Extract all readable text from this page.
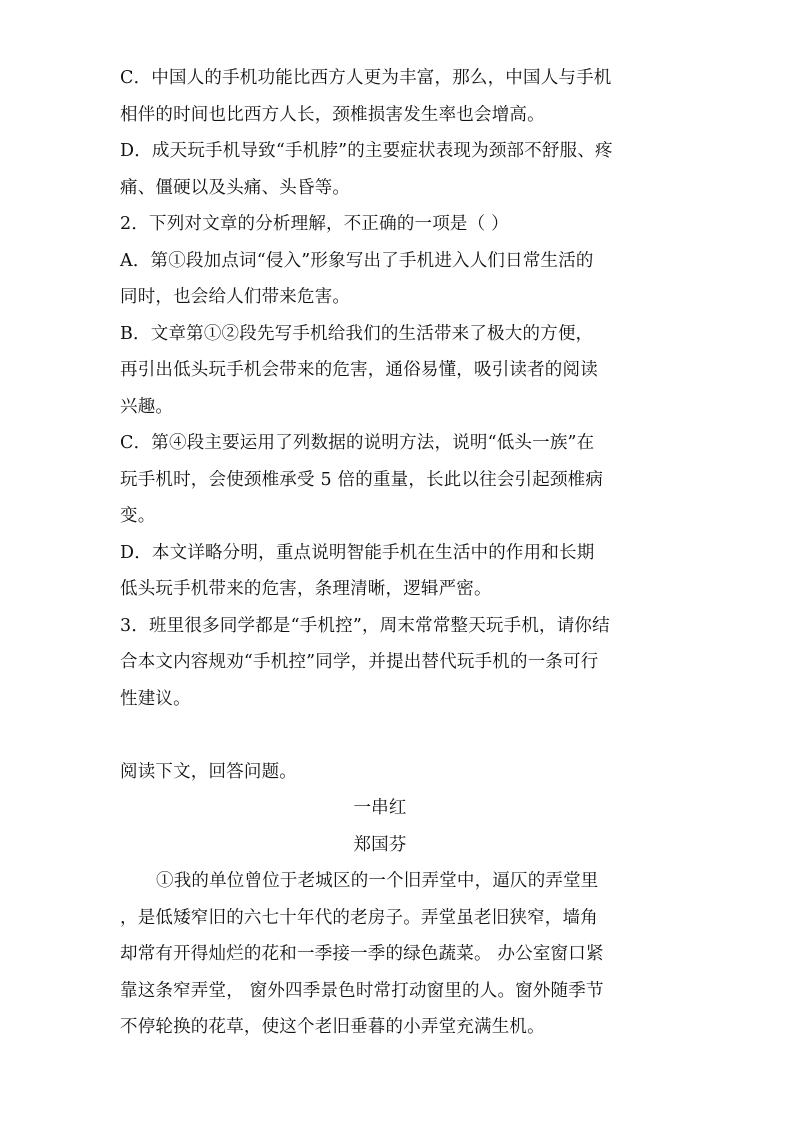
C．中国人的手机功能比西方人更为丰富，那么，中国人与手机
相伴的时间也比西方人长，颈椎损害发生率也会增高。
D．成天玩手机导致“手机脖”的主要症状表现为颈部不舒服、疼
痛、僵硬以及头痛、头昏等。
2．下列对文章的分析理解，不正确的一项是（ ）
A．第①段加点词“侵入”形象写出了手机进入人们日常生活的
同时，也会给人们带来危害。
B．文章第①②段先写手机给我们的生活带来了极大的方便，
再引出低头玩手机会带来的危害，通俗易懂，吸引读者的阅读
兴趣。
C．第④段主要运用了列数据的说明方法，说明“低头一族”在
玩手机时，会使颈椎承受 5 倍的重量，长此以往会引起颈椎病
变。
D．本文详略分明，重点说明智能手机在生活中的作用和长期
低头玩手机带来的危害，条理清晰，逻辑严密。
3．班里很多同学都是“手机控”，周末常常整天玩手机，请你结
合本文内容规劝“手机控”同学，并提出替代玩手机的一条可行
性建议。
阅读下文，回答问题。
一串红
郑国芬
①我的单位曾位于老城区的一个旧弄堂中，逼仄的弄堂里
，是低矮窄旧的六七十年代的老房子。弄堂虽老旧狭窄，墙角
却常有开得灿烂的花和一季接一季的绿色蔬菜。 办公室窗口紧
靠这条窄弄堂， 窗外四季景色时常打动窗里的人。窗外随季节
不停轮换的花草，使这个老旧垂暮的小弄堂充满生机。
